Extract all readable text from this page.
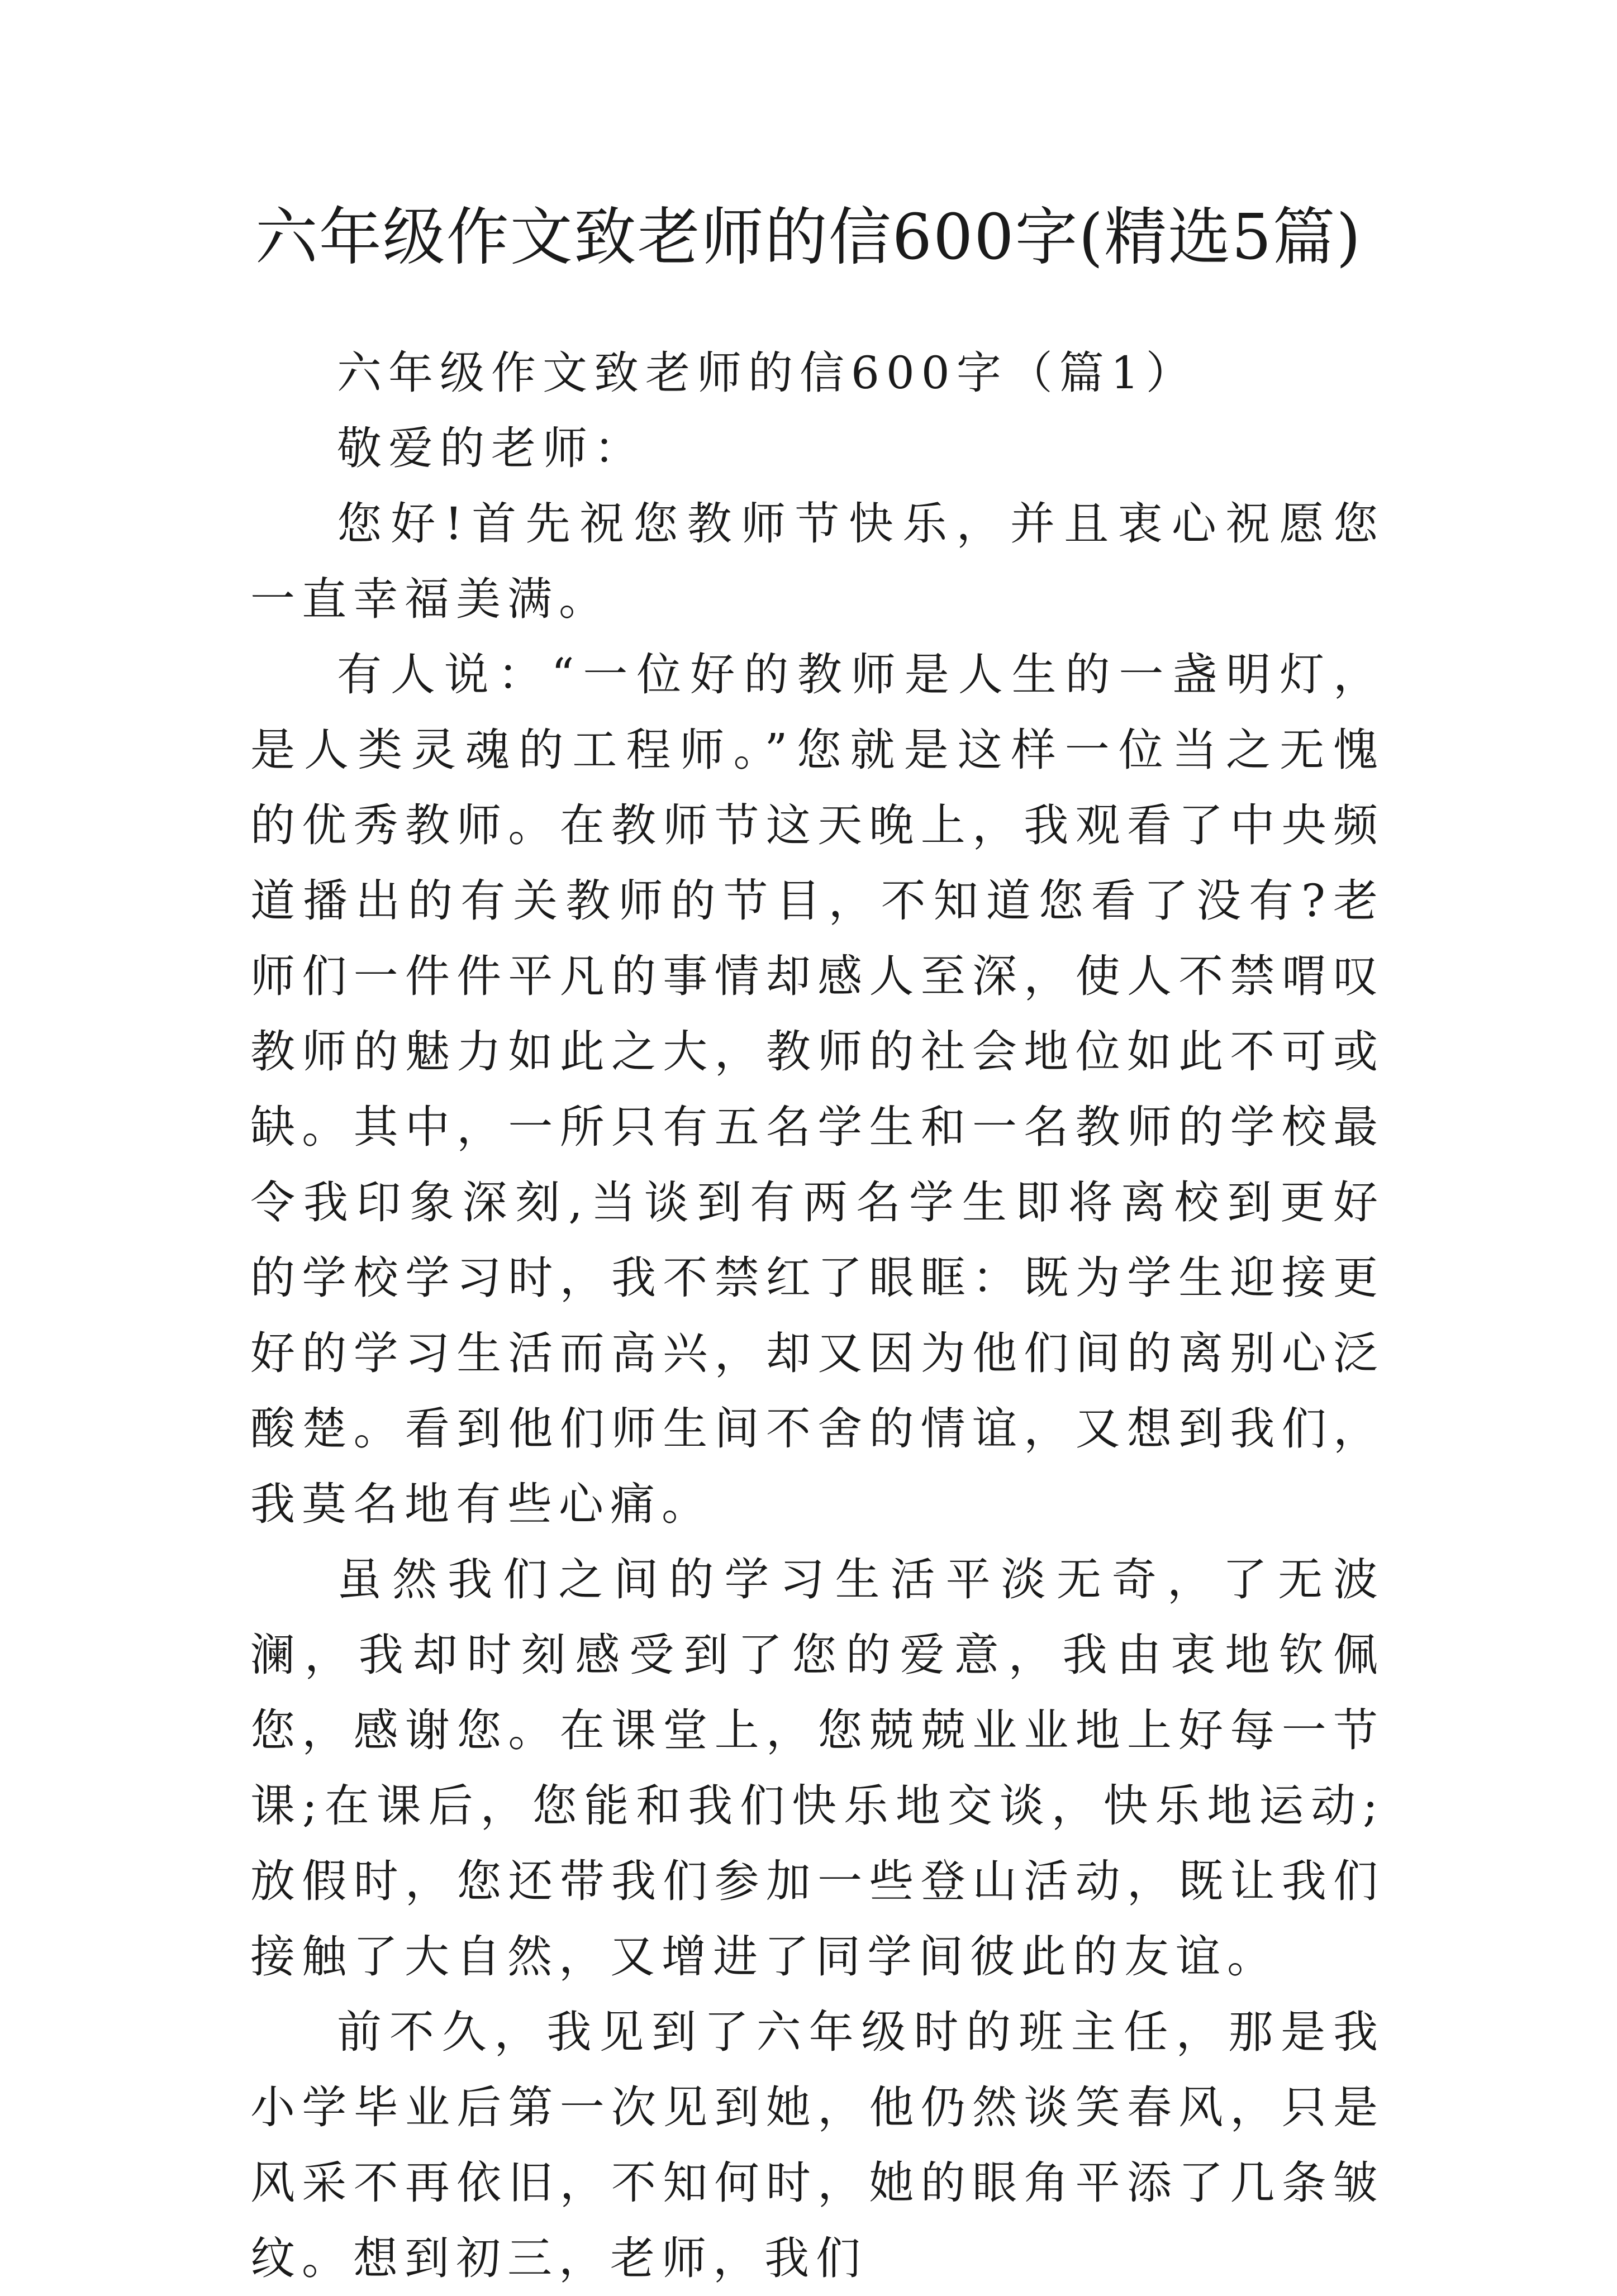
六年级作文致老师的信600字(精选5篇)

六年级作文致老师的信600字（篇1）

敬爱的老师：

您好!首先祝您教师节快乐，并且衷心祝愿您一直幸福美满。

有人说：“一位好的教师是人生的一盏明灯，是人类灵魂的工程师。”您就是这样一位当之无愧的优秀教师。在教师节这天晚上，我观看了中央频道播出的有关教师的节目，不知道您看了没有?老师们一件件平凡的事情却感人至深，使人不禁喟叹教师的魅力如此之大，教师的社会地位如此不可或缺。其中，一所只有五名学生和一名教师的学校最令我印象深刻,当谈到有两名学生即将离校到更好的学校学习时，我不禁红了眼眶：既为学生迎接更好的学习生活而高兴，却又因为他们间的离别心泛酸楚。看到他们师生间不舍的情谊，又想到我们，我莫名地有些心痛。

虽然我们之间的学习生活平淡无奇，了无波澜，我却时刻感受到了您的爱意，我由衷地钦佩您，感谢您。在课堂上，您兢兢业业地上好每一节课;在课后，您能和我们快乐地交谈，快乐地运动;放假时，您还带我们参加一些登山活动，既让我们接触了大自然，又增进了同学间彼此的友谊。

前不久，我见到了六年级时的班主任，那是我小学毕业后第一次见到她，他仍然谈笑春风，只是风采不再依旧，不知何时，她的眼角平添了几条皱纹。想到初三，老师，我们
